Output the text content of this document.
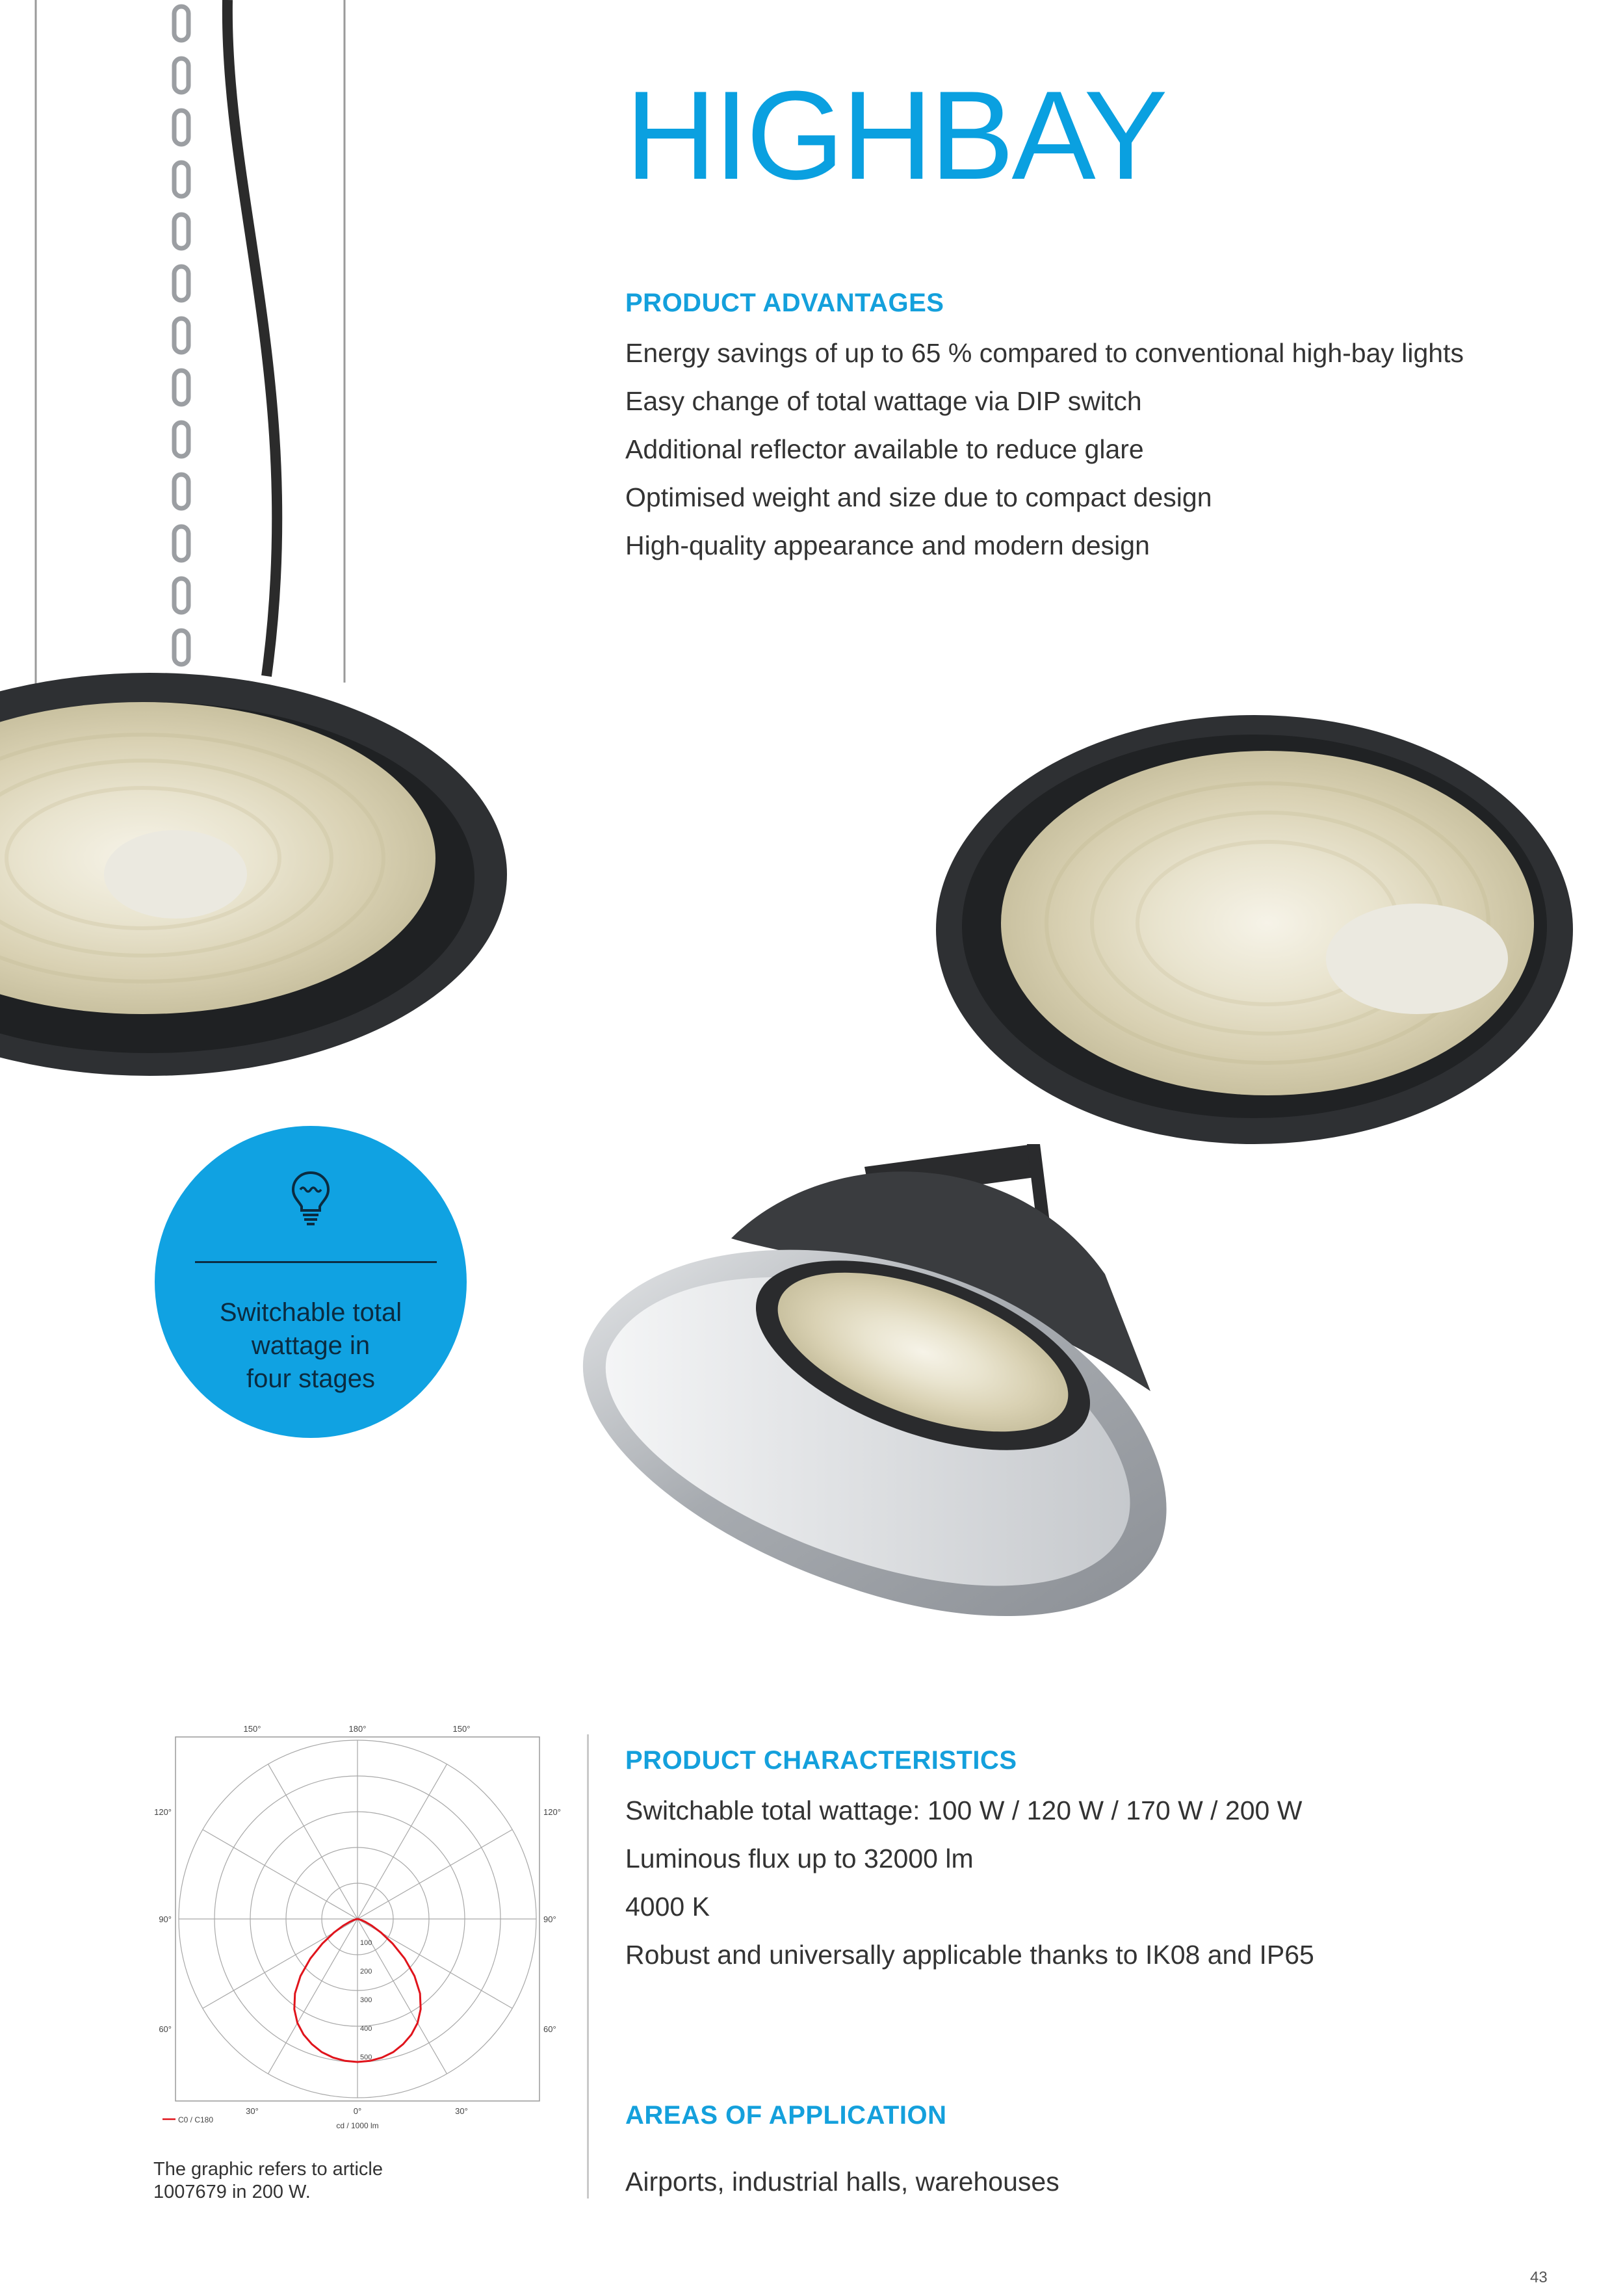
HIGHBAY
PRODUCT ADVANTAGES
Energy savings of up to 65 % compared to conventional high-bay lights
Easy change of total wattage via DIP switch
Additional reflector available to reduce glare
Optimised weight and size due to compact design
High-quality appearance and modern design
Switchable total
wattage in
four stages
100
200
300
400
500
150°	180°	150°
120°
90°
60°
120°
90°
60°
30°	0°	30°
C0 / C180
cd / 1000 lm

The graphic refers to article 1007679 in 200 W.

PRODUCT CHARACTERISTICS
Switchable total wattage: 100 W / 120 W / 170 W / 200 W
Luminous flux up to 32000 lm
4000 K
Robust and universally applicable thanks to IK08 and IP65
AREAS OF APPLICATION

Airports, industrial halls, warehouses

43
